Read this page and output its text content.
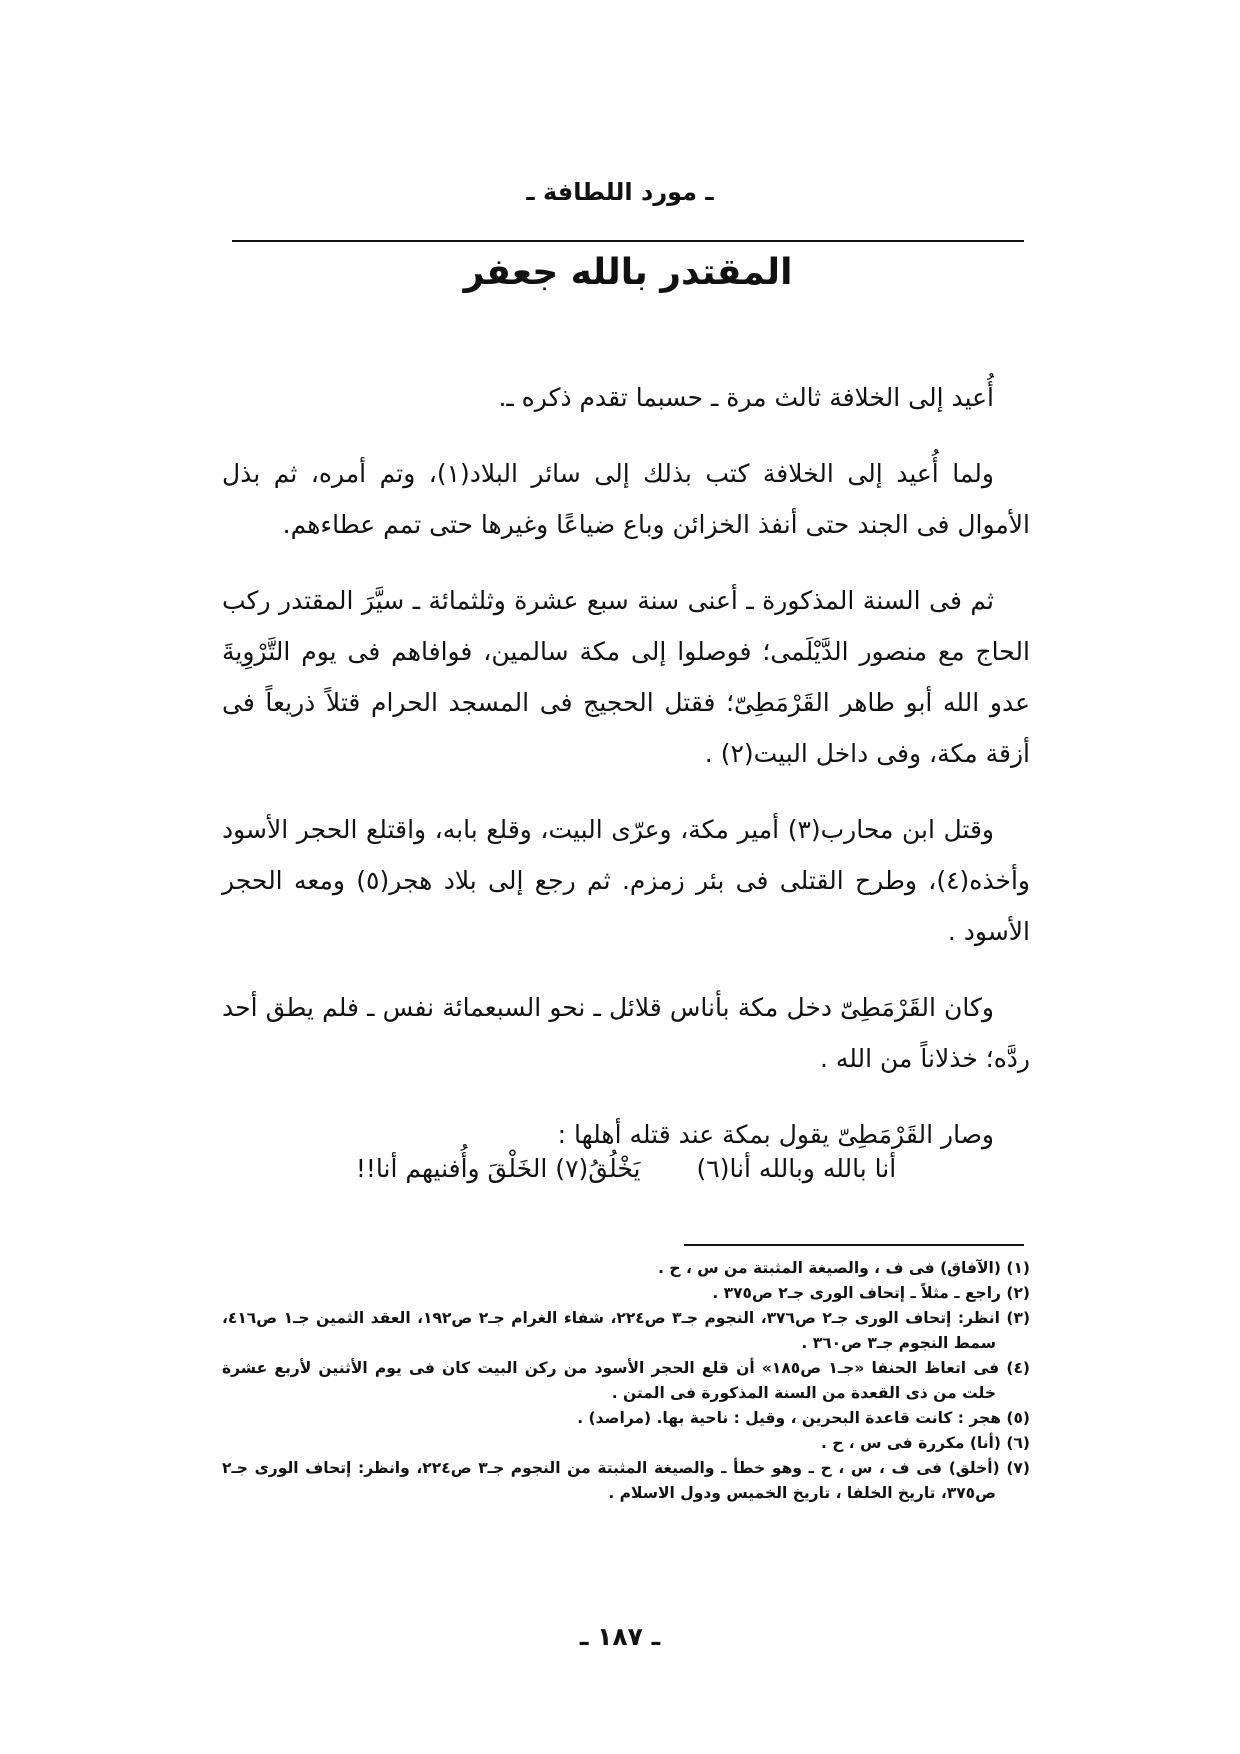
ـ مورد اللطافة ـ
المقتدر بالله جعفر

أُعيد إلى الخلافة ثالث مرة ـ حسبما تقدم ذكره ـ.

ولما أُعيد إلى الخلافة كتب بذلك إلى سائر البلاد(١)، وتم أمره، ثم بذل الأموال فى الجند حتى أنفذ الخزائن وباع ضياعًا وغيرها حتى تمم عطاءهم.

ثم فى السنة المذكورة ـ أعنى سنة سبع عشرة وثلثمائة ـ سيَّرَ المقتدر ركب الحاج مع منصور الدَّيْلَمى؛ فوصلوا إلى مكة سالمين، فوافاهم فى يوم التَّرْوِيةَ عدو الله أبو طاهر القَرْمَطِىّ؛ فقتل الحجيج فى المسجد الحرام قتلاً ذريعاً فى أزقة مكة، وفى داخل البيت(٢) .

وقتل ابن محارب(٣) أمير مكة، وعرّى البيت، وقلع بابه، واقتلع الحجر الأسود وأخذه(٤)، وطرح القتلى فى بئر زمزم. ثم رجع إلى بلاد هجر(٥) ومعه الحجر الأسود .

وكان القَرْمَطِىّ دخل مكة بأناس قلائل ـ نحو السبعمائة نفس ـ فلم يطق أحد ردَّه؛ خذلاناً من الله .

وصار القَرْمَطِىّ يقول بمكة عند قتله أهلها :

أنا بالله وبالله أنا(٦)
يَخْلُقُ(٧) الخَلْقَ وأُفنيهم أنا!!

(١) (الآفاق) فى ف ، والصيغة المثبتة من س ، ح .

(٢) راجع ـ مثلاً ـ إتحاف الورى جـ٢ ص٣٧٥ .

(٣) انظر: إتحاف الورى جـ٢ ص٣٧٦، النجوم جـ٣ ص٢٢٤، شفاء الغرام جـ٢ ص١٩٢، العقد الثمين جـ١ ص٤١٦، سمط النجوم جـ٣ ص٣٦٠ .

(٤) فى اتعاظ الحنفا «جـ١ ص١٨٥» أن قلع الحجر الأسود من ركن البيت كان فى يوم الأثنين لأربع عشرة خلت من ذى القعدة من السنة المذكورة فى المتن .

(٥) هجر : كانت قاعدة البحرين ، وقيل : ناحية بها. (مراصد) .

(٦) (أنا) مكررة فى س ، ح .

(٧) (أخلق) فى ف ، س ، ح ـ وهو خطأ ـ والصيغة المثبتة من النجوم جـ٣ ص٢٢٤، وانظر: إتحاف الورى جـ٢ ص٣٧٥، تاريخ الخلفا ، تاريخ الخميس ودول الاسلام .

ـ ١٨٧ ـ
